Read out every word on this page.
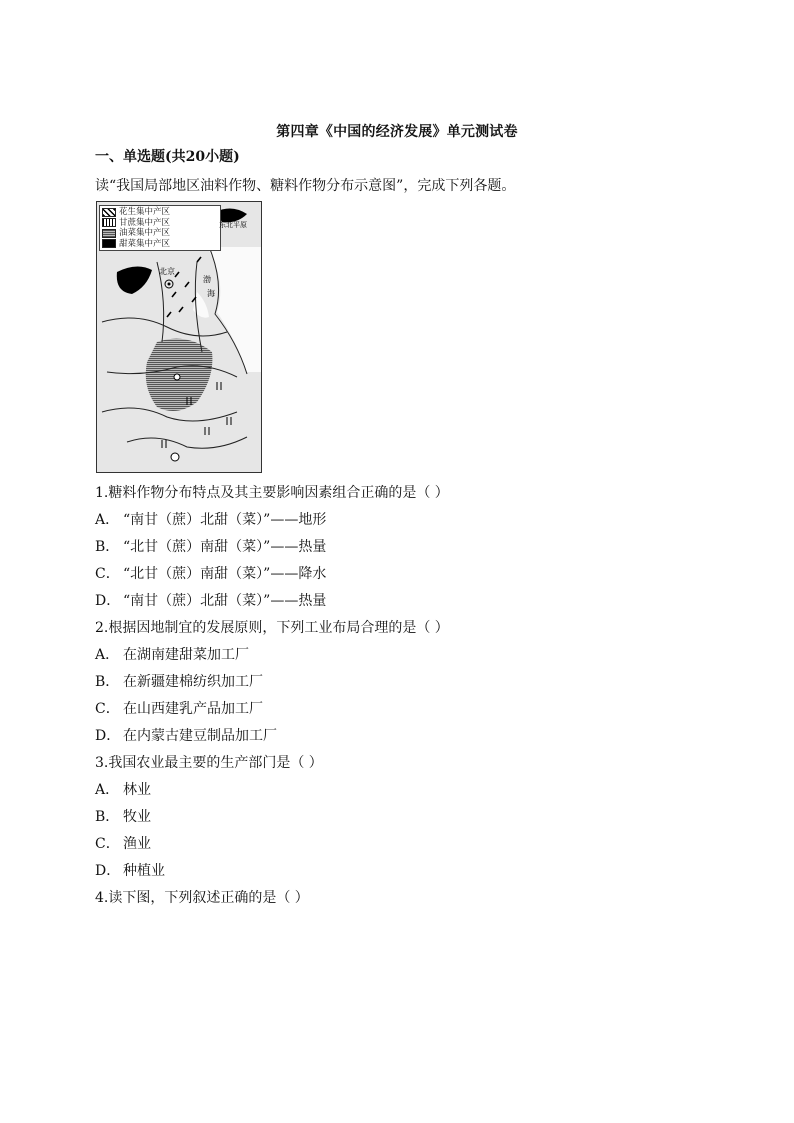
第四章《中国的经济发展》单元测试卷
一、单选题(共20小题)
读“我国局部地区油料作物、糖料作物分布示意图”，完成下列各题。
花生集中产区
甘蔗集中产区
油菜集中产区
甜菜集中产区
东北平原
北京
渤
海
1.糖料作物分布特点及其主要影响因素组合正确的是（ ）
A． “南甘（蔗）北甜（菜）”——地形
B． “北甘（蔗）南甜（菜）”——热量
C． “北甘（蔗）南甜（菜）”——降水
D． “南甘（蔗）北甜（菜）”——热量
2.根据因地制宜的发展原则，下列工业布局合理的是（ ）
A． 在湖南建甜菜加工厂
B． 在新疆建棉纺织加工厂
C． 在山西建乳产品加工厂
D． 在内蒙古建豆制品加工厂
3.我国农业最主要的生产部门是（ ）
A． 林业
B． 牧业
C． 渔业
D． 种植业
4.读下图，下列叙述正确的是（ ）
